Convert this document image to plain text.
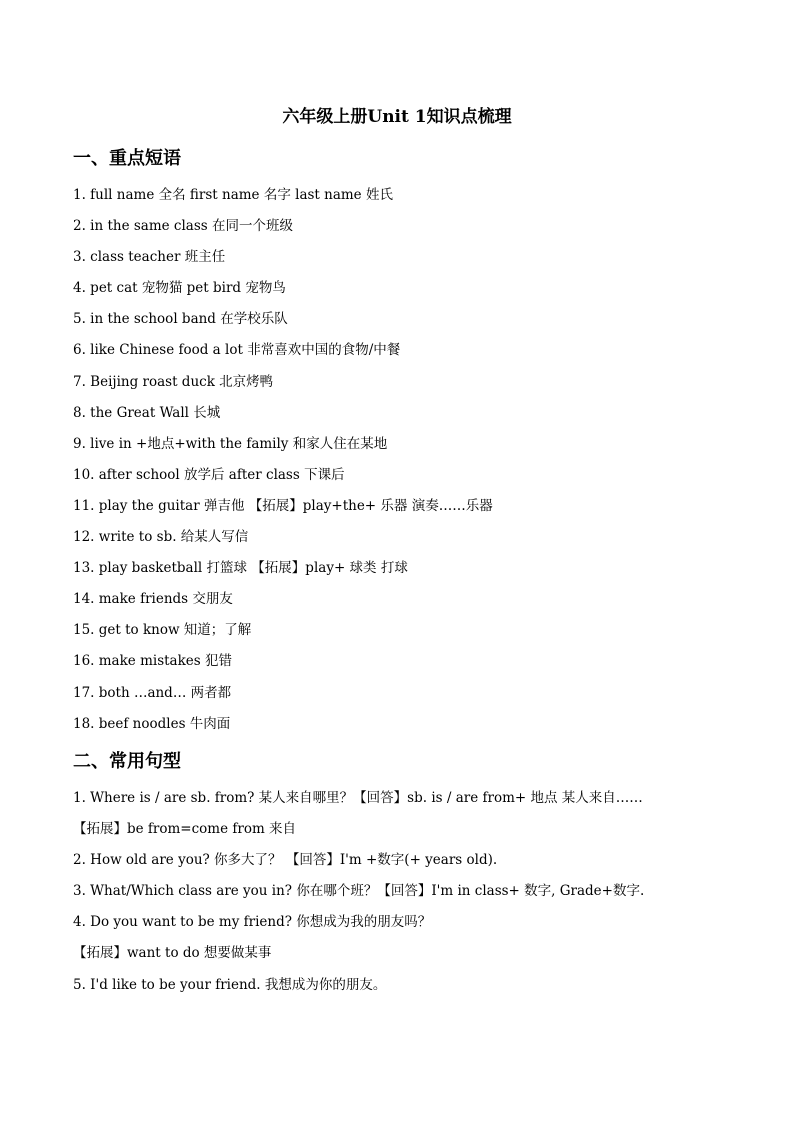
六年级上册Unit 1知识点梳理
一、重点短语
1. full name 全名 first name 名字 last name 姓氏
2. in the same class 在同一个班级
3. class teacher 班主任
4. pet cat 宠物猫 pet bird 宠物鸟
5. in the school band 在学校乐队
6. like Chinese food a lot 非常喜欢中国的食物/中餐
7. Beijing roast duck 北京烤鸭
8. the Great Wall 长城
9. live in +地点+with the family 和家人住在某地
10. after school 放学后 after class 下课后
11. play the guitar 弹吉他 【拓展】play+the+ 乐器 演奏……乐器
12. write to sb. 给某人写信
13. play basketball 打篮球 【拓展】play+ 球类 打球
14. make friends 交朋友
15. get to know 知道；了解
16. make mistakes 犯错
17. both …and… 两者都
18. beef noodles 牛肉面
二、常用句型
1. Where is / are sb. from? 某人来自哪里？【回答】sb. is / are from+ 地点 某人来自……
【拓展】be from=come from 来自
2. How old are you? 你多大了？ 【回答】I'm +数字(+ years old).
3. What/Which class are you in? 你在哪个班？【回答】I'm in class+ 数字, Grade+数字.
4. Do you want to be my friend? 你想成为我的朋友吗？
【拓展】want to do 想要做某事
5. I'd like to be your friend. 我想成为你的朋友。
